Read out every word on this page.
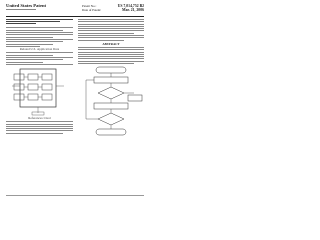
United States Patent	Patent No.:	US 7,014,752 B2
Date of Patent:	Mar. 21, 2006
Related U.S. Application Data
References Cited
ABSTRACT
